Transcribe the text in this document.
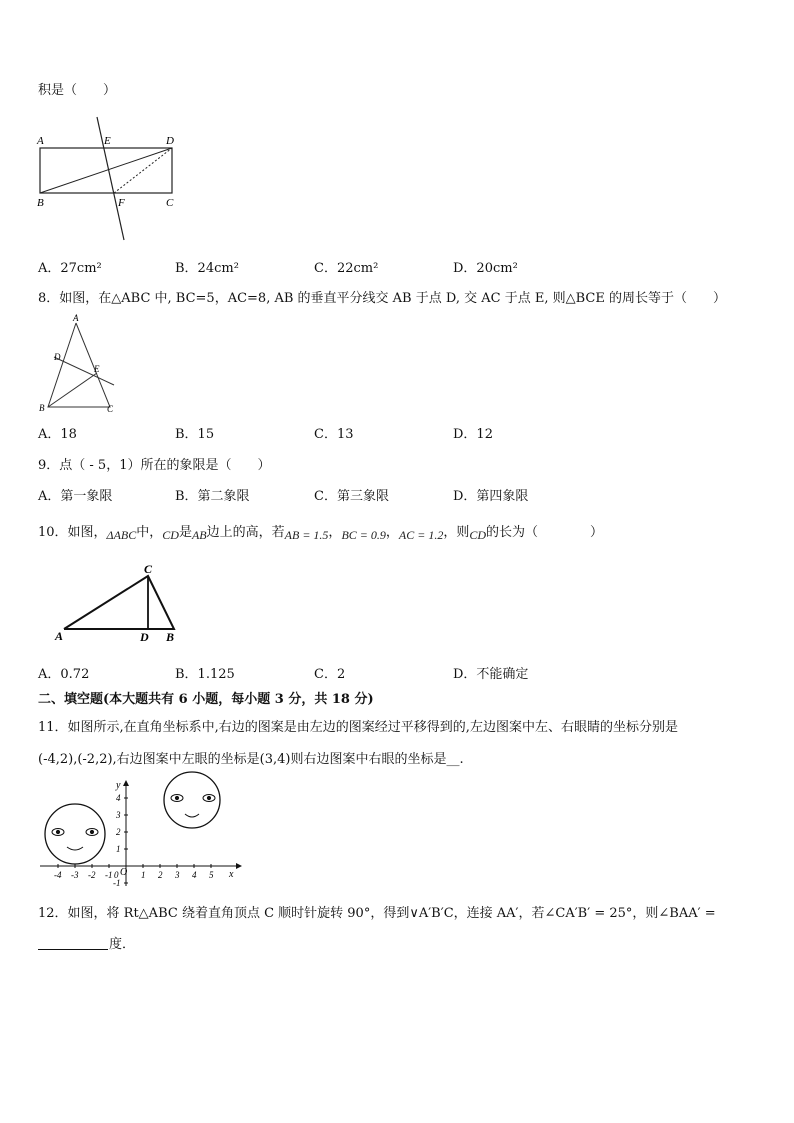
积是（　　）
A	E	D
B	F	C
A．27cm²	B．24cm²	C．22cm²	D．20cm²
8．如图，在△ABC 中, BC=5，AC=8, AB 的垂直平分线交 AB 于点 D, 交 AC 于点 E, 则△BCE 的周长等于（　　）
A
D
E
B	C
A．18	B．15	C．13	D．12
9．点（ - 5，1）所在的象限是（　　）
A．第一象限	B．第二象限	C．第三象限	D．第四象限
10．如图，ΔABC中，CD是AB边上的高，若AB = 1.5，BC = 0.9，AC = 1.2，则CD的长为（　　　　）
C
A	D B
A．0.72	B．1.125	C．2	D．不能确定
二、填空题(本大题共有 6 小题，每小题 3 分，共 18 分)
11．如图所示,在直角坐标系中,右边的图案是由左边的图案经过平移得到的,左边图案中左、右眼睛的坐标分别是
(-4,2),(-2,2),右边图案中左眼的坐标是(3,4)则右边图案中右眼的坐标是__.
-4 -3 -2 -1 0	1 2 3 4 5
4
3
2
1
-1
O	x
y
12．如图，将 Rt△ABC 绕着直角顶点 C 顺时针旋转 90°，得到∨A′B′C，连接 AA′，若∠CA′B′ = 25°，则∠BAA′ =
度．
